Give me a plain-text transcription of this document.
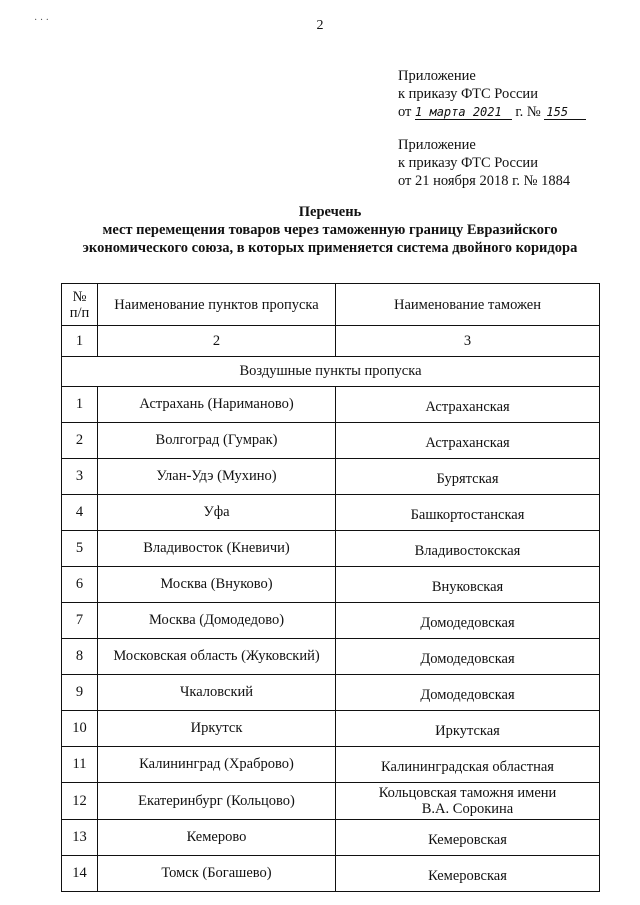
2
· · ·
Приложение
к приказу ФТС России
от 1 марта 2021 г. № 155
Приложение
к приказу ФТС России
от 21 ноября 2018 г. № 1884
Перечень
мест перемещения товаров через таможенную границу Евразийского
экономического союза, в которых применяется система двойного коридора
№
п/п	Наименование пунктов пропуска	Наименование таможен
1	2	3
Воздушные пункты пропуска		
1	Астрахань (Нариманово)	Астраханская
2	Волгоград (Гумрак)	Астраханская
3	Улан-Удэ (Мухино)	Бурятская
4	Уфа	Башкортостанская
5	Владивосток (Кневичи)	Владивостокская
6	Москва (Внуково)	Внуковская
7	Москва (Домодедово)	Домодедовская
8	Московская область (Жуковский)	Домодедовская
9	Чкаловский	Домодедовская
10	Иркутск	Иркутская
11	Калининград (Храброво)	Калининградская областная
12	Екатеринбург (Кольцово)	Кольцовская таможня имени
В.А. Сорокина
13	Кемерово	Кемеровская
14	Томск (Богашево)	Кемеровская
